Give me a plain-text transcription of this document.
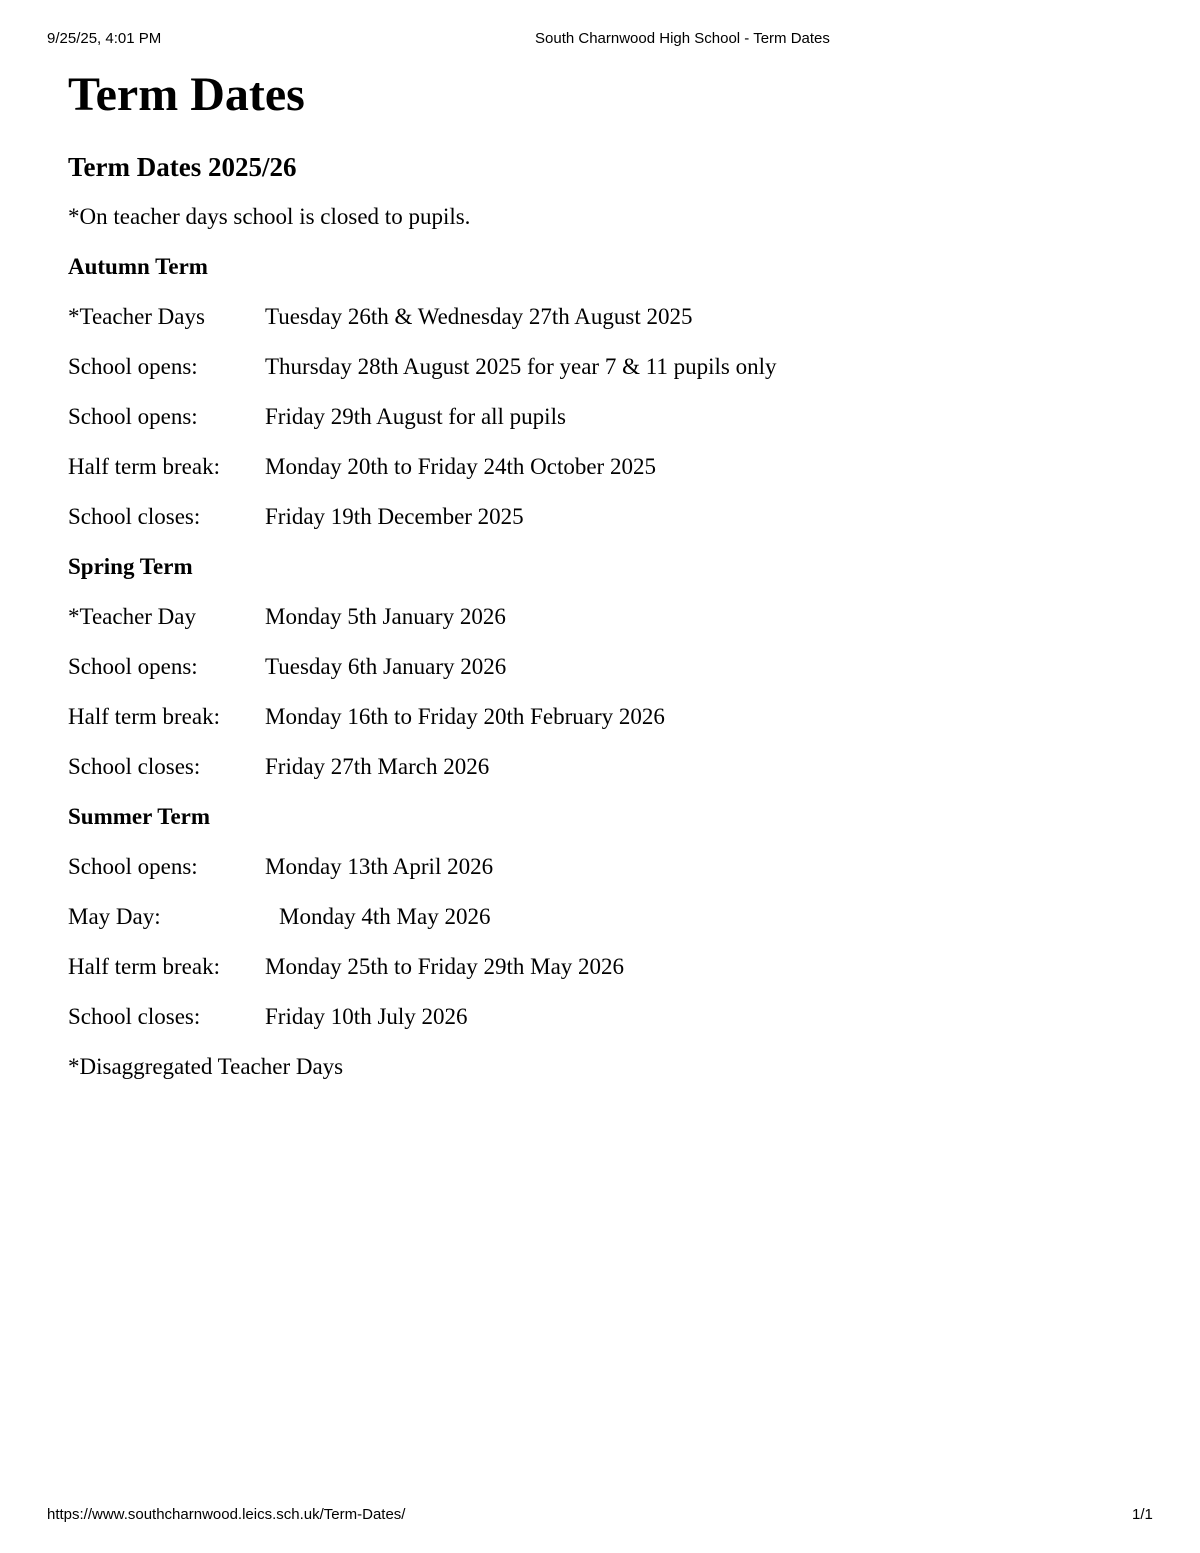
9/25/25, 4:01 PM	South Charnwood High School - Term Dates
Term Dates
Term Dates 2025/26

*On teacher days school is closed to pupils.

Autumn Term
*Teacher Days	Tuesday 26th & Wednesday 27th August 2025
School opens:	Thursday 28th August 2025 for year 7 & 11 pupils only
School opens:	Friday 29th August for all pupils
Half term break:	Monday 20th to Friday 24th October 2025
School closes:	Friday 19th December 2025
Spring Term
*Teacher Day	Monday 5th January 2026
School opens:	Tuesday 6th January 2026
Half term break:	Monday 16th to Friday 20th February 2026
School closes:	Friday 27th March 2026
Summer Term
School opens:	Monday 13th April 2026
May Day:	Monday 4th May 2026
Half term break:	Monday 25th to Friday 29th May 2026
School closes:	Friday 10th July 2026
*Disaggregated Teacher Days
https://www.southcharnwood.leics.sch.uk/Term-Dates/	1/1
